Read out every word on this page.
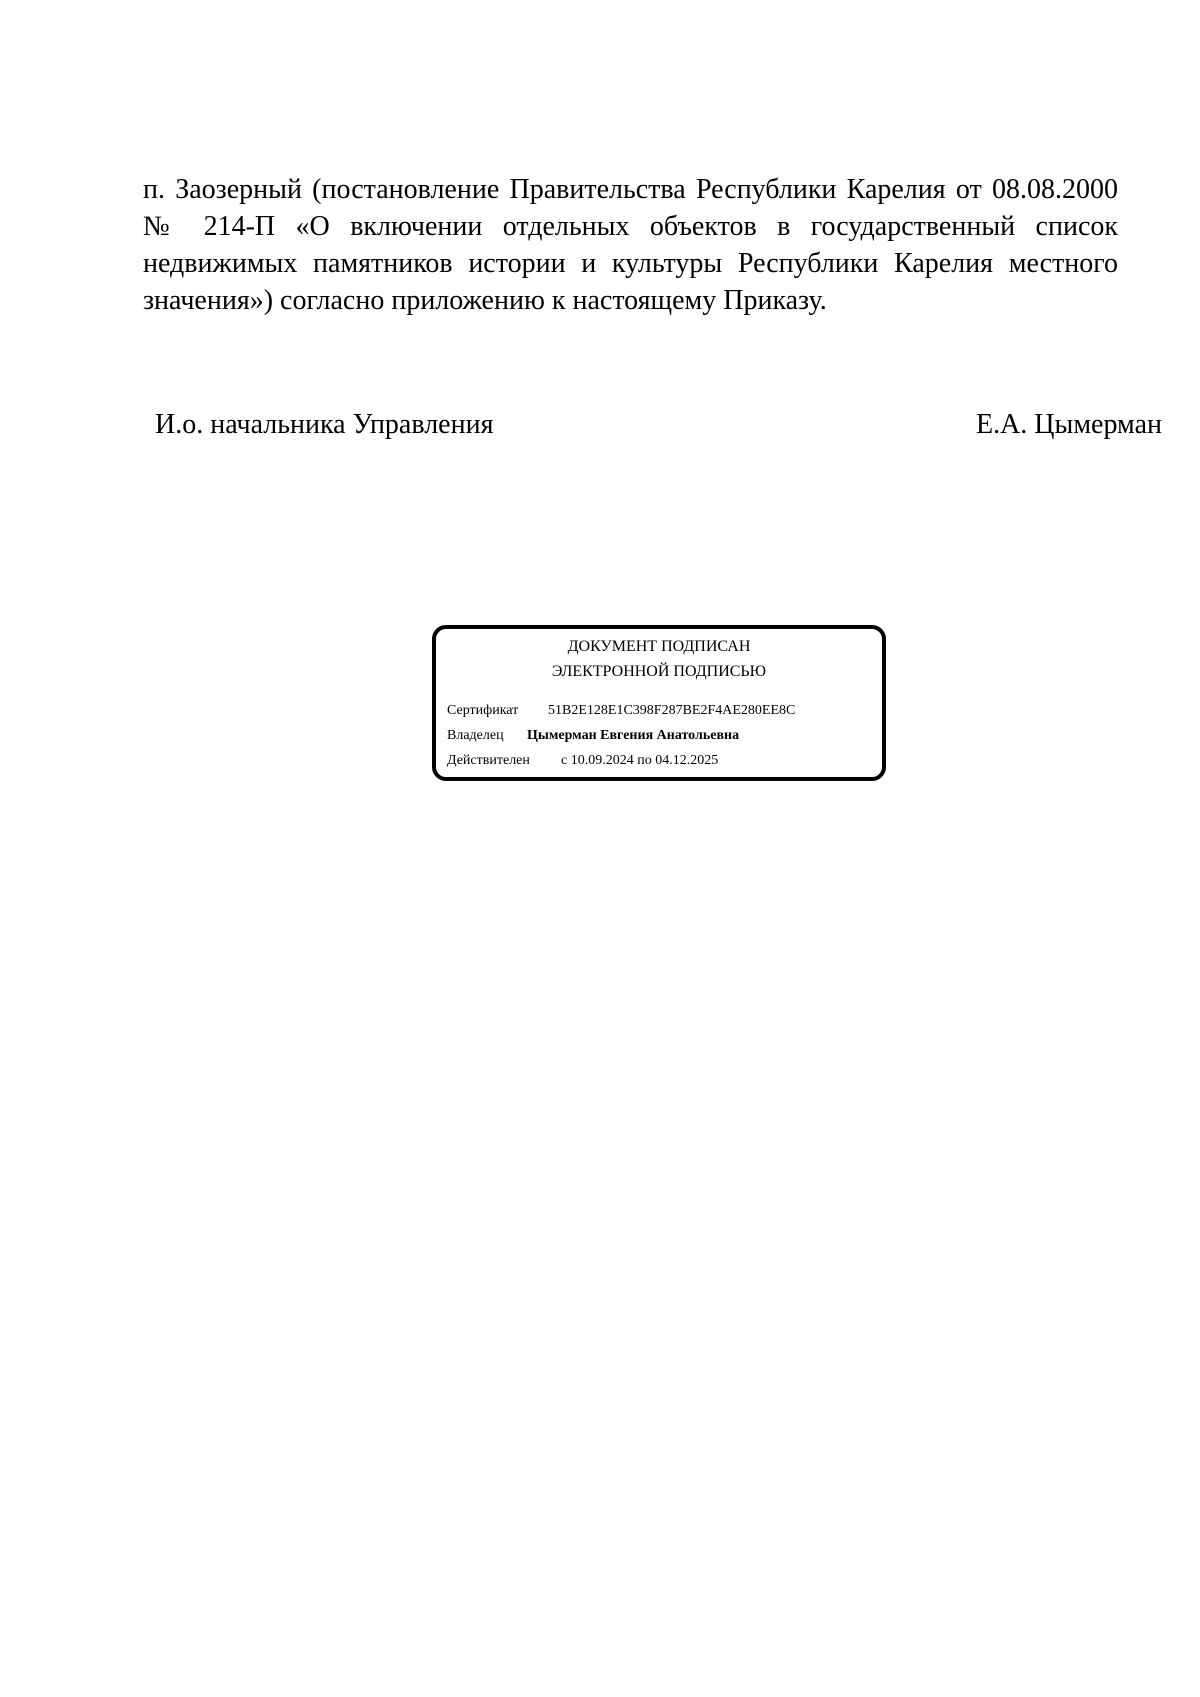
п. Заозерный (постановление Правительства Республики Карелия от 08.08.2000 № 214-П «О включении отдельных объектов в государственный список недвижимых памятников истории и культуры Республики Карелия местного значения») согласно приложению к настоящему Приказу.

И.о. начальника Управления	Е.А. Цымерман
ДОКУМЕНТ ПОДПИСАН
ЭЛЕКТРОННОЙ ПОДПИСЬЮ
Сертификат 51B2E128E1C398F287BE2F4AE280EE8C
Владелец Цымерман Евгения Анатольевна
Действителен с 10.09.2024 по 04.12.2025
